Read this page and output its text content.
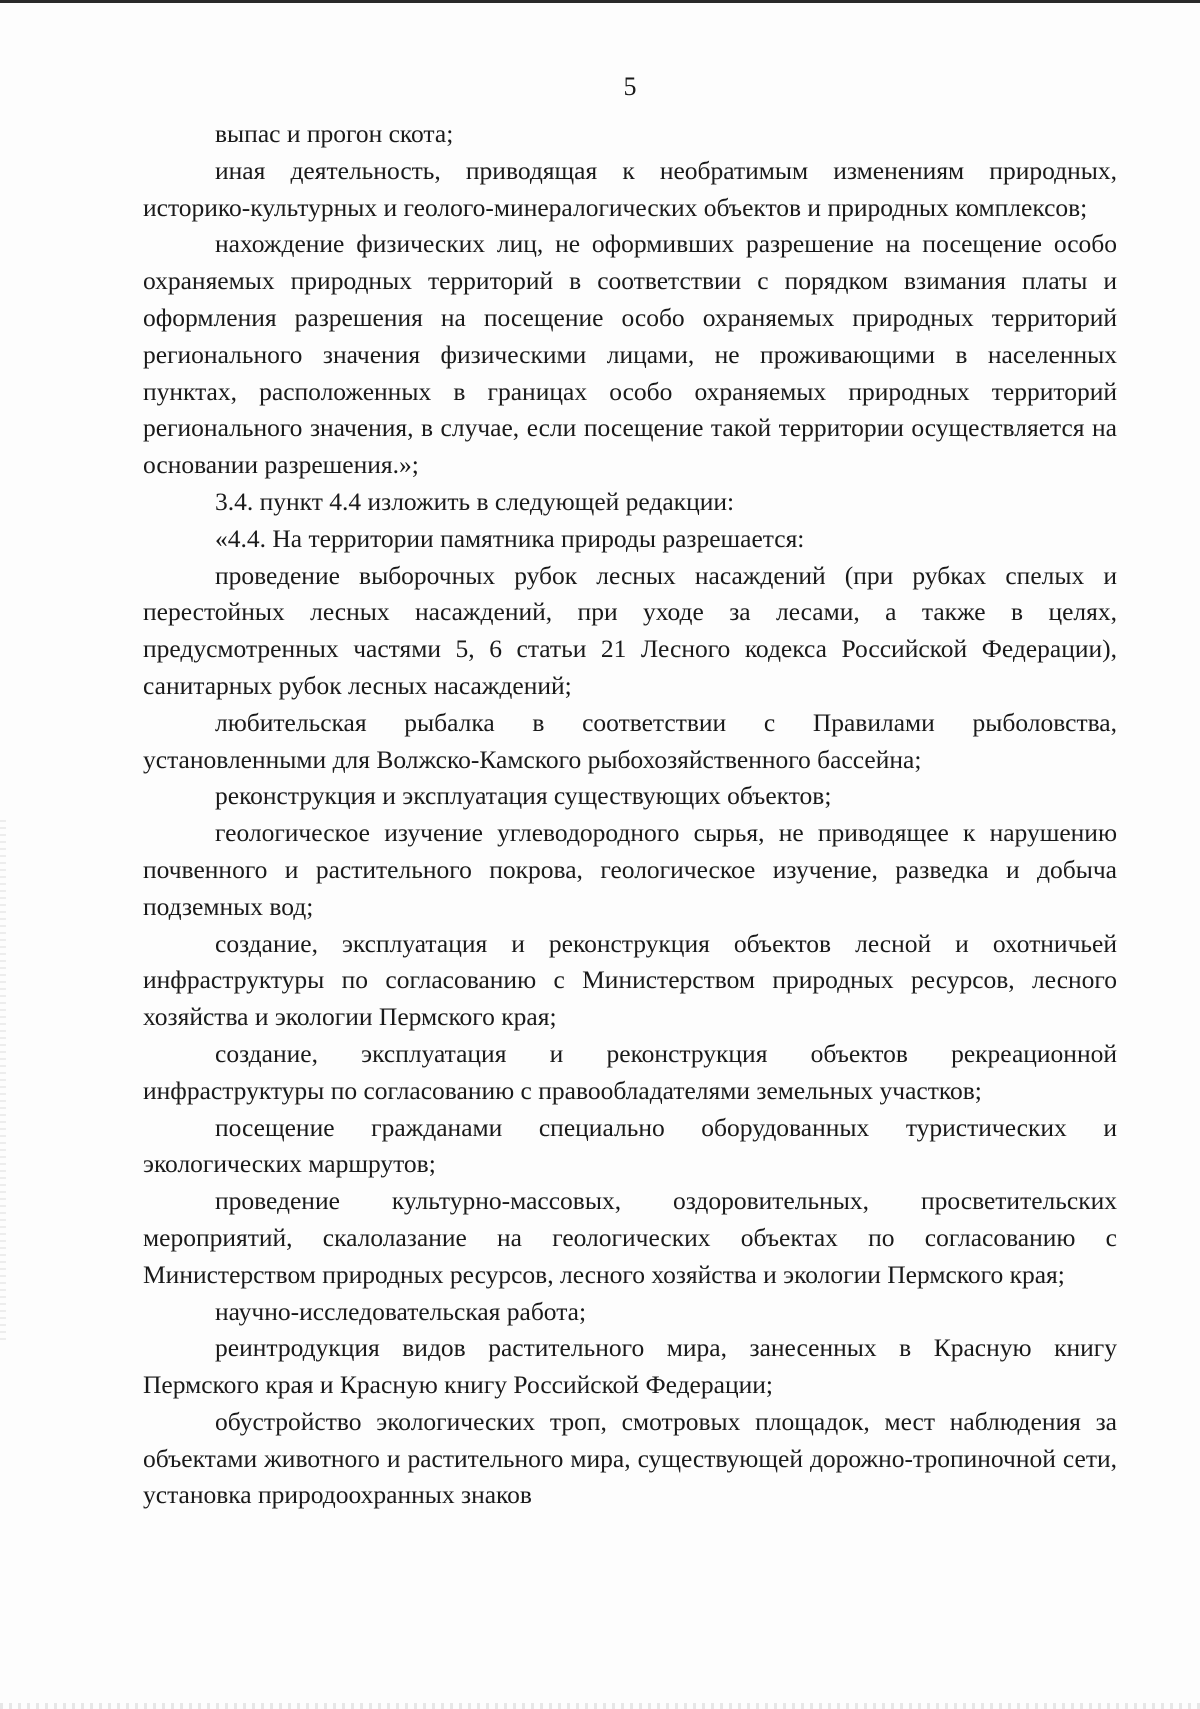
5

выпас и прогон скота;

иная деятельность, приводящая к необратимым изменениям природных, историко-культурных и геолого-минералогических объектов и природных комплексов;

нахождение физических лиц, не оформивших разрешение на посещение особо охраняемых природных территорий в соответствии с порядком взимания платы и оформления разрешения на посещение особо охраняемых природных территорий регионального значения физическими лицами, не проживающими в населенных пунктах, расположенных в границах особо охраняемых природных территорий регионального значения, в случае, если посещение такой территории осуществляется на основании разрешения.»;

3.4. пункт 4.4 изложить в следующей редакции:

«4.4. На территории памятника природы разрешается:

проведение выборочных рубок лесных насаждений (при рубках спелых и перестойных лесных насаждений, при уходе за лесами, а также в целях, предусмотренных частями 5, 6 статьи 21 Лесного кодекса Российской Федерации), санитарных рубок лесных насаждений;

любительская рыбалка в соответствии с Правилами рыболовства, установленными для Волжско-Камского рыбохозяйственного бассейна;

реконструкция и эксплуатация существующих объектов;

геологическое изучение углеводородного сырья, не приводящее к нарушению почвенного и растительного покрова, геологическое изучение, разведка и добыча подземных вод;

создание, эксплуатация и реконструкция объектов лесной и охотничьей инфраструктуры по согласованию с Министерством природных ресурсов, лесного хозяйства и экологии Пермского края;

создание, эксплуатация и реконструкция объектов рекреационной инфраструктуры по согласованию с правообладателями земельных участков;

посещение гражданами специально оборудованных туристических и экологических маршрутов;

проведение культурно-массовых, оздоровительных, просветительских мероприятий, скалолазание на геологических объектах по согласованию с Министерством природных ресурсов, лесного хозяйства и экологии Пермского края;

научно-исследовательская работа;

реинтродукция видов растительного мира, занесенных в Красную книгу Пермского края и Красную книгу Российской Федерации;

обустройство экологических троп, смотровых площадок, мест наблюдения за объектами животного и растительного мира, существующей дорожно-тропиночной сети, установка природоохранных знаков
